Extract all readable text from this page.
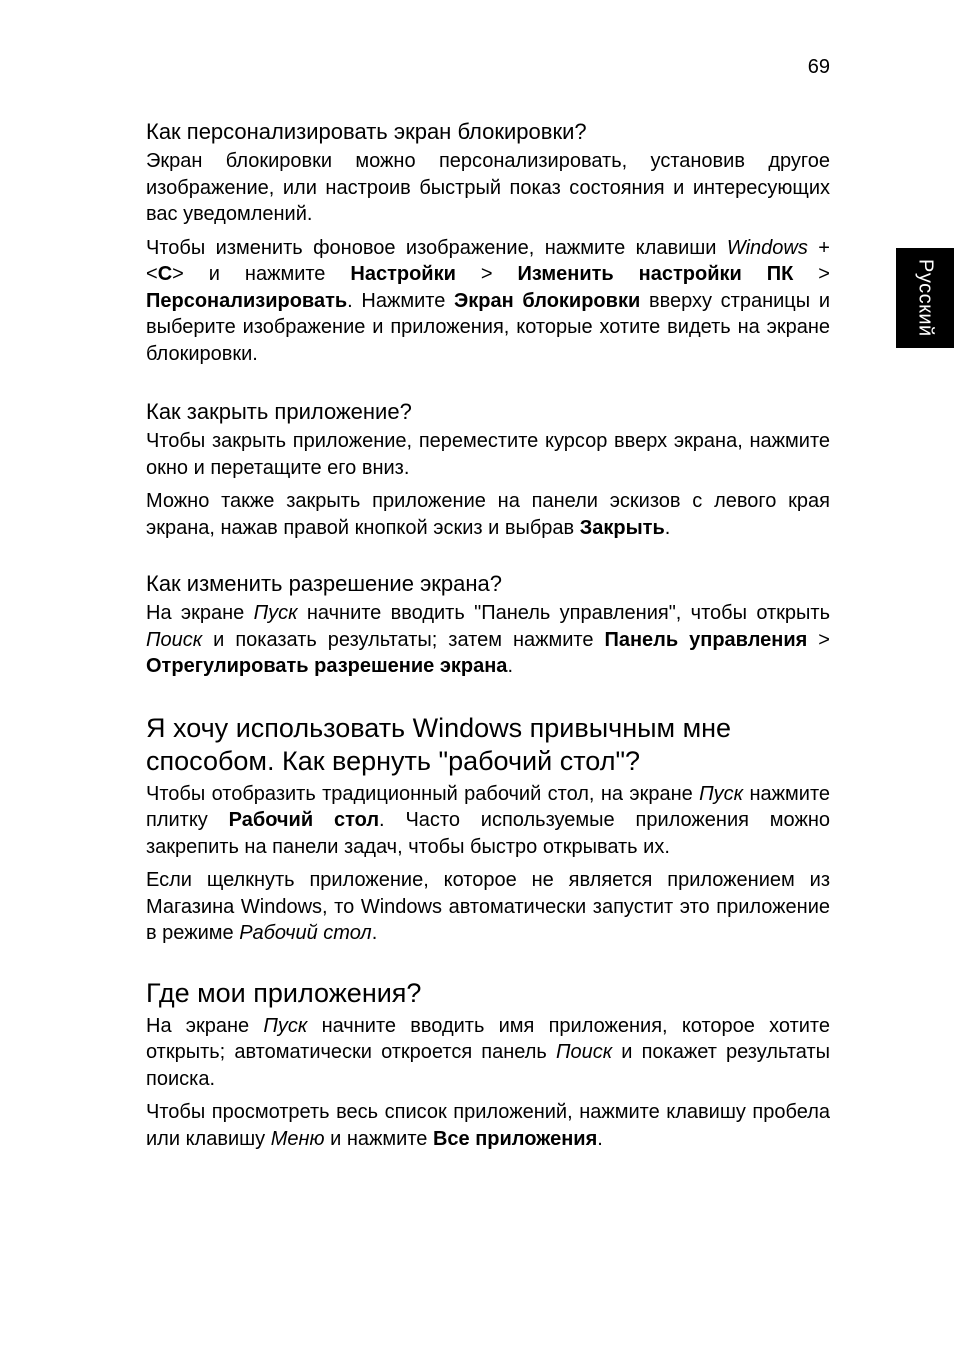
69
Русский
Как персонализировать экран блокировки?

Экран блокировки можно персонализировать, установив другое изображение, или настроив быстрый показ состояния и интересующих вас уведомлений.

Чтобы изменить фоновое изображение, нажмите клавиши Windows + <C> и нажмите Настройки > Изменить настройки ПК > Персонализировать. Нажмите Экран блокировки вверху страницы и выберите изображение и приложения, которые хотите видеть на экране блокировки.

Как закрыть приложение?

Чтобы закрыть приложение, переместите курсор вверх экрана, нажмите окно и перетащите его вниз.

Можно также закрыть приложение на панели эскизов с левого края экрана, нажав правой кнопкой эскиз и выбрав Закрыть.

Как изменить разрешение экрана?

На экране Пуск начните вводить "Панель управления", чтобы открыть Поиск и показать результаты; затем нажмите Панель управления > Отрегулировать разрешение экрана.

Я хочу использовать Windows привычным мне способом. Как вернуть "рабочий стол"?

Чтобы отобразить традиционный рабочий стол, на экране Пуск нажмите плитку Рабочий стол. Часто используемые приложения можно закрепить на панели задач, чтобы быстро открывать их.

Если щелкнуть приложение, которое не является приложением из Магазина Windows, то Windows автоматически запустит это приложение в режиме Рабочий стол.

Где мои приложения?

На экране Пуск начните вводить имя приложения, которое хотите открыть; автоматически откроется панель Поиск и покажет результаты поиска.

Чтобы просмотреть весь список приложений, нажмите клавишу пробела или клавишу Меню и нажмите Все приложения.
